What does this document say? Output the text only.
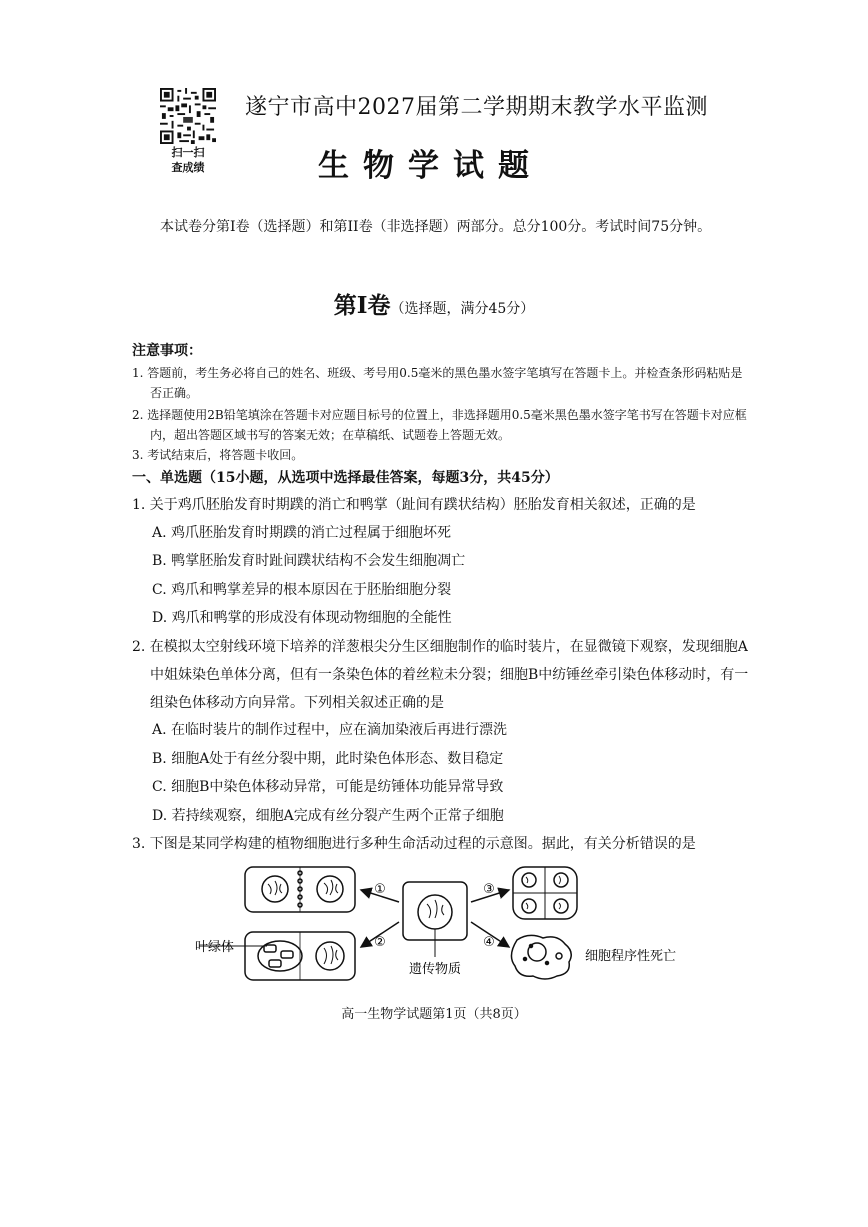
扫一扫
查成绩
遂宁市高中2027届第二学期期末教学水平监测
生物学试题
本试卷分第I卷（选择题）和第II卷（非选择题）两部分。总分100分。考试时间75分钟。
第Ⅰ卷（选择题，满分45分）
注意事项：
1. 答题前，考生务必将自己的姓名、班级、考号用0.5毫米的黑色墨水签字笔填写在答题卡上。并检查条形码粘贴是否正确。
2. 选择题使用2B铅笔填涂在答题卡对应题目标号的位置上，非选择题用0.5毫米黑色墨水签字笔书写在答题卡对应框内，超出答题区域书写的答案无效；在草稿纸、试题卷上答题无效。
3. 考试结束后，将答题卡收回。
一、单选题（15小题，从选项中选择最佳答案，每题3分，共45分）
1. 关于鸡爪胚胎发育时期蹼的消亡和鸭掌（趾间有蹼状结构）胚胎发育相关叙述，正确的是
A. 鸡爪胚胎发育时期蹼的消亡过程属于细胞坏死
B. 鸭掌胚胎发育时趾间蹼状结构不会发生细胞凋亡
C. 鸡爪和鸭掌差异的根本原因在于胚胎细胞分裂
D. 鸡爪和鸭掌的形成没有体现动物细胞的全能性
2. 在模拟太空射线环境下培养的洋葱根尖分生区细胞制作的临时装片，在显微镜下观察，发现细胞A中姐妹染色单体分离，但有一条染色体的着丝粒未分裂；细胞B中纺锤丝牵引染色体移动时，有一组染色体移动方向异常。下列相关叙述正确的是
A. 在临时装片的制作过程中，应在滴加染液后再进行漂洗
B. 细胞A处于有丝分裂中期，此时染色体形态、数目稳定
C. 细胞B中染色体移动异常，可能是纺锤体功能异常导致
D. 若持续观察，细胞A完成有丝分裂产生两个正常子细胞
3. 下图是某同学构建的植物细胞进行多种生命活动过程的示意图。据此，有关分析错误的是
叶绿体
遗传物质
细胞程序性死亡
①
②
③
④
高一生物学试题第1页（共8页）
